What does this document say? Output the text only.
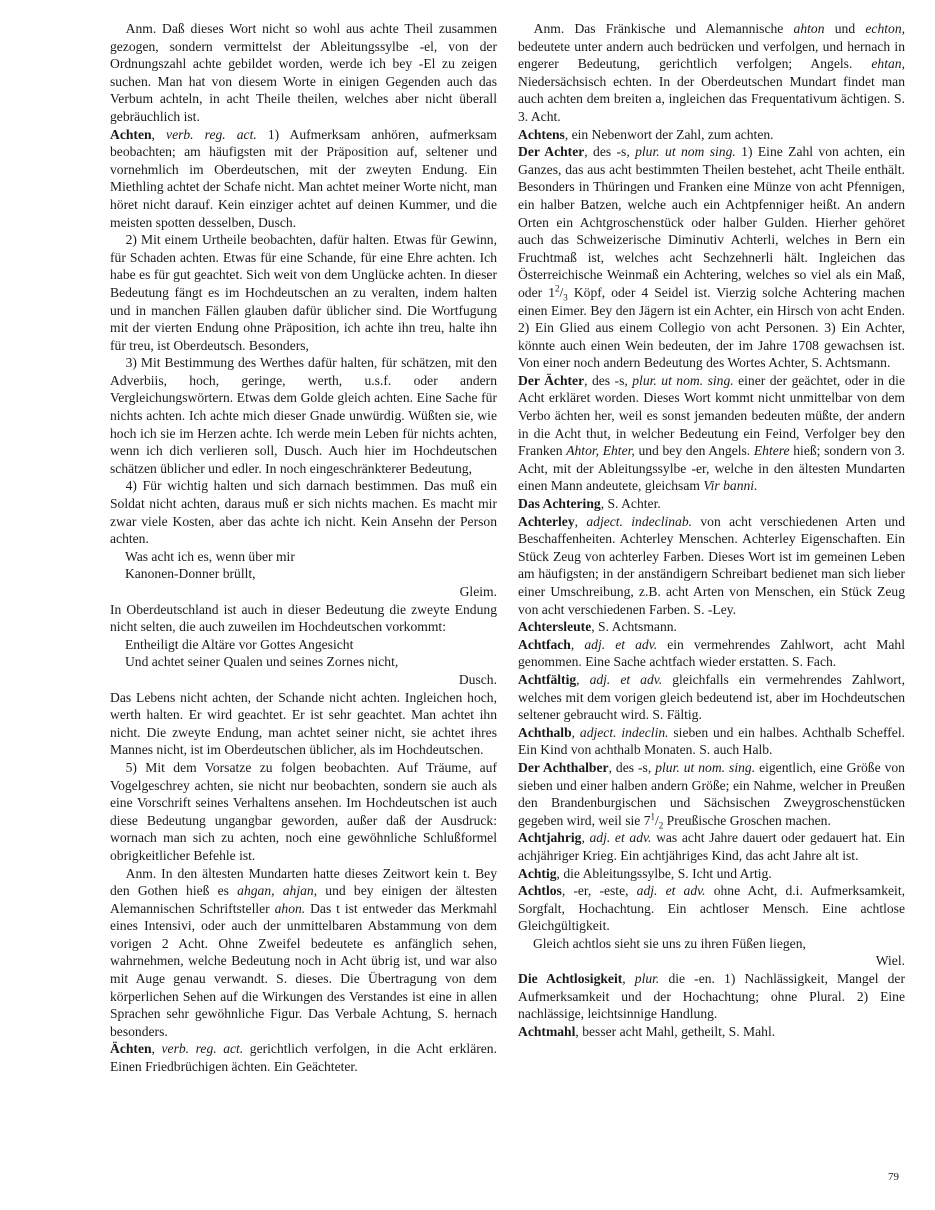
Anm. Daß dieses Wort nicht so wohl aus achte Theil zusammen gezogen, sondern vermittelst der Ableitungssylbe -el, von der Ordnungszahl achte gebildet worden, werde ich bey -El zu zeigen suchen. Man hat von diesem Worte in einigen Gegenden auch das Verbum achteln, in acht Theile theilen, welches aber nicht überall gebräuchlich ist.

Achten, verb. reg. act. 1) Aufmerksam anhören, aufmerksam beobachten; am häufigsten mit der Präposition auf, seltener und vornehmlich im Oberdeutschen, mit der zweyten Endung. Ein Miethling achtet der Schafe nicht. Man achtet meiner Worte nicht, man höret nicht darauf. Kein einziger achtet auf deinen Kummer, und die meisten spotten desselben, Dusch.

2) Mit einem Urtheile beobachten, dafür halten. Etwas für Gewinn, für Schaden achten. Etwas für eine Schande, für eine Ehre achten. Ich habe es für gut geachtet. Sich weit von dem Unglücke achten. In dieser Bedeutung fängt es im Hochdeutschen an zu veralten, indem halten und in manchen Fällen glauben dafür üblicher sind. Die Wortfugung mit der vierten Endung ohne Präposition, ich achte ihn treu, halte ihn für treu, ist Oberdeutsch. Besonders,

3) Mit Bestimmung des Werthes dafür halten, für schätzen, mit den Adverbiis, hoch, geringe, werth, u.s.f. oder andern Vergleichungswörtern. Etwas dem Golde gleich achten. Eine Sache für nichts achten. Ich achte mich dieser Gnade unwürdig. Wüßten sie, wie hoch ich sie im Herzen achte. Ich werde mein Leben für nichts achten, wenn ich dich verlieren soll, Dusch. Auch hier im Hochdeutschen schätzen üblicher und edler. In noch eingeschränkterer Bedeutung,

4) Für wichtig halten und sich darnach bestimmen. Das muß ein Soldat nicht achten, daraus muß er sich nichts machen. Es macht mir zwar viele Kosten, aber das achte ich nicht. Kein Ansehn der Person achten.

Was acht ich es, wenn über mir

Kanonen-Donner brüllt,

Gleim.

In Oberdeutschland ist auch in dieser Bedeutung die zweyte Endung nicht selten, die auch zuweilen im Hochdeutschen vorkommt:

Entheiligt die Altäre vor Gottes Angesicht

Und achtet seiner Qualen und seines Zornes nicht,

Dusch.

Das Lebens nicht achten, der Schande nicht achten. Ingleichen hoch, werth halten. Er wird geachtet. Er ist sehr geachtet. Man achtet ihn nicht. Die zweyte Endung, man achtet seiner nicht, sie achtet ihres Mannes nicht, ist im Oberdeutschen üblicher, als im Hochdeutschen.

5) Mit dem Vorsatze zu folgen beobachten. Auf Träume, auf Vogelgeschrey achten, sie nicht nur beobachten, sondern sie auch als eine Vorschrift seines Verhaltens ansehen. Im Hochdeutschen ist auch diese Bedeutung ungangbar geworden, außer daß der Ausdruck: wornach man sich zu achten, noch eine gewöhnliche Schlußformel obrigkeitlicher Befehle ist.

Anm. In den ältesten Mundarten hatte dieses Zeitwort kein t. Bey den Gothen hieß es ahgan, ahjan, und bey einigen der ältesten Alemannischen Schriftsteller ahon. Das t ist entweder das Merkmahl eines Intensivi, oder auch der unmittelbaren Abstammung von dem vorigen 2 Acht. Ohne Zweifel bedeutete es anfänglich sehen, wahrnehmen, welche Bedeutung noch in Acht übrig ist, und war also mit Auge genau verwandt. S. dieses. Die Übertragung von dem körperlichen Sehen auf die Wirkungen des Verstandes ist eine in allen Sprachen sehr gewöhnliche Figur. Das Verbale Achtung, S. hernach besonders.

Ächten, verb. reg. act. gerichtlich verfolgen, in die Acht erklären. Einen Friedbrüchigen ächten. Ein Geächteter.

Anm. Das Fränkische und Alemannische ahton und echton, bedeutete unter andern auch bedrücken und verfolgen, und hernach in engerer Bedeutung, gerichtlich verfolgen; Angels. ehtan, Niedersächsisch echten. In der Oberdeutschen Mundart findet man auch achten dem breiten a, ingleichen das Frequentativum ächtigen. S. 3. Acht.

Achtens, ein Nebenwort der Zahl, zum achten.

Der Achter, des -s, plur. ut nom sing. 1) Eine Zahl von achten, ein Ganzes, das aus acht bestimmten Theilen bestehet, acht Theile enthält. Besonders in Thüringen und Franken eine Münze von acht Pfennigen, ein halber Batzen, welche auch ein Achtpfenniger heißt. An andern Orten ein Achtgroschenstück oder halber Gulden. Hierher gehöret auch das Schweizerische Diminutiv Achterli, welches in Bern ein Fruchtmaß ist, welches acht Sechzehnerli hält. Ingleichen das Österreichische Weinmaß ein Achtering, welches so viel als ein Maß, oder $1^2/_3$ Köpf, oder 4 Seidel ist. Vierzig solche Achtering machen einen Eimer. Bey den Jägern ist ein Achter, ein Hirsch von acht Enden. 2) Ein Glied aus einem Collegio von acht Personen. 3) Ein Achter, könnte auch einen Wein bedeuten, der im Jahre 1708 gewachsen ist. Von einer noch andern Bedeutung des Wortes Achter, S. Achtsmann.

Der Ächter, des -s, plur. ut nom. sing. einer der geächtet, oder in die Acht erkläret worden. Dieses Wort kommt nicht unmittelbar von dem Verbo ächten her, weil es sonst jemanden bedeuten müßte, der andern in die Acht thut, in welcher Bedeutung ein Feind, Verfolger bey den Franken Ahtor, Ehter, und bey den Angels. Ehtere hieß; sondern von 3. Acht, mit der Ableitungssylbe -er, welche in den ältesten Mundarten einen Mann andeutete, gleichsam Vir banni.

Das Achtering, S. Achter.

Achterley, adject. indeclinab. von acht verschiedenen Arten und Beschaffenheiten. Achterley Menschen. Achterley Eigenschaften. Ein Stück Zeug von achterley Farben. Dieses Wort ist im gemeinen Leben am häufigsten; in der anständigern Schreibart bedienet man sich lieber einer Umschreibung, z.B. acht Arten von Menschen, ein Stück Zeug von acht verschiedenen Farben. S. -Ley.

Achtersleute, S. Achtsmann.

Achtfach, adj. et adv. ein vermehrendes Zahlwort, acht Mahl genommen. Eine Sache achtfach wieder erstatten. S. Fach.

Achtfältig, adj. et adv. gleichfalls ein vermehrendes Zahlwort, welches mit dem vorigen gleich bedeutend ist, aber im Hochdeutschen seltener gebraucht wird. S. Fältig.

Achthalb, adject. indeclin. sieben und ein halbes. Achthalb Scheffel. Ein Kind von achthalb Monaten. S. auch Halb.

Der Achthalber, des -s, plur. ut nom. sing. eigentlich, eine Größe von sieben und einer halben andern Größe; ein Nahme, welcher in Preußen den Brandenburgischen und Sächsischen Zweygroschenstücken gegeben wird, weil sie $7^1/_2$ Preußische Groschen machen.

Achtjahrig, adj. et adv. was acht Jahre dauert oder gedauert hat. Ein achjähriger Krieg. Ein achtjähriges Kind, das acht Jahre alt ist.

Achtig, die Ableitungssylbe, S. Icht und Artig.

Achtlos, -er, -este, adj. et adv. ohne Acht, d.i. Aufmerksamkeit, Sorgfalt, Hochachtung. Ein achtloser Mensch. Eine achtlose Gleichgültigkeit.

Gleich achtlos sieht sie uns zu ihren Füßen liegen,

Wiel.

Die Achtlosigkeit, plur. die -en. 1) Nachlässigkeit, Mangel der Aufmerksamkeit und der Hochachtung; ohne Plural. 2) Eine nachlässige, leichtsinnige Handlung.

Achtmahl, besser acht Mahl, getheilt, S. Mahl.

79
